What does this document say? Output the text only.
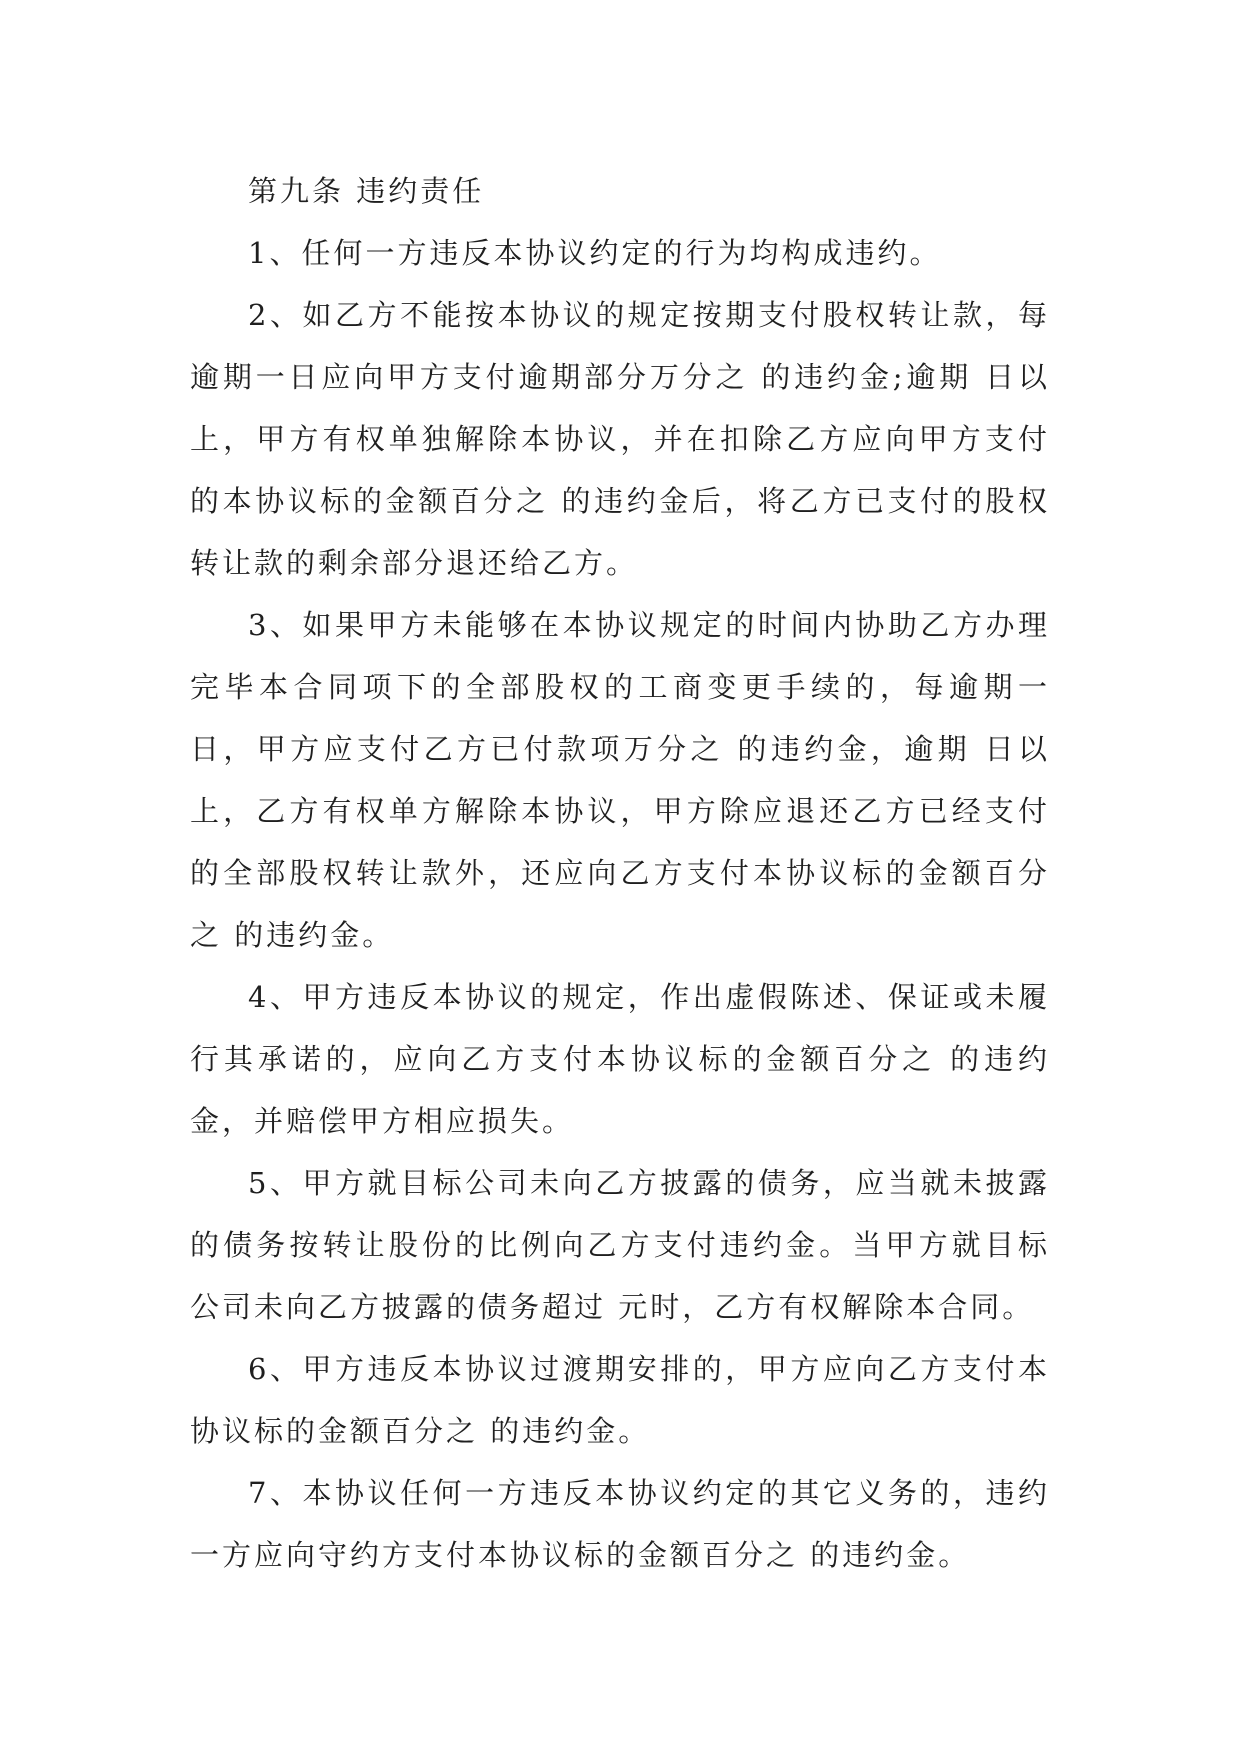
第九条 违约责任

1、任何一方违反本协议约定的行为均构成违约。

2、如乙方不能按本协议的规定按期支付股权转让款，每逾期一日应向甲方支付逾期部分万分之 的违约金;逾期 日以上，甲方有权单独解除本协议，并在扣除乙方应向甲方支付的本协议标的金额百分之 的违约金后，将乙方已支付的股权转让款的剩余部分退还给乙方。

3、如果甲方未能够在本协议规定的时间内协助乙方办理完毕本合同项下的全部股权的工商变更手续的，每逾期一日，甲方应支付乙方已付款项万分之 的违约金，逾期 日以上，乙方有权单方解除本协议，甲方除应退还乙方已经支付的全部股权转让款外，还应向乙方支付本协议标的金额百分之 的违约金。

4、甲方违反本协议的规定，作出虚假陈述、保证或未履行其承诺的，应向乙方支付本协议标的金额百分之 的违约金，并赔偿甲方相应损失。

5、甲方就目标公司未向乙方披露的债务，应当就未披露的债务按转让股份的比例向乙方支付违约金。当甲方就目标公司未向乙方披露的债务超过 元时，乙方有权解除本合同。

6、甲方违反本协议过渡期安排的，甲方应向乙方支付本协议标的金额百分之 的违约金。

7、本协议任何一方违反本协议约定的其它义务的，违约一方应向守约方支付本协议标的金额百分之 的违约金。
